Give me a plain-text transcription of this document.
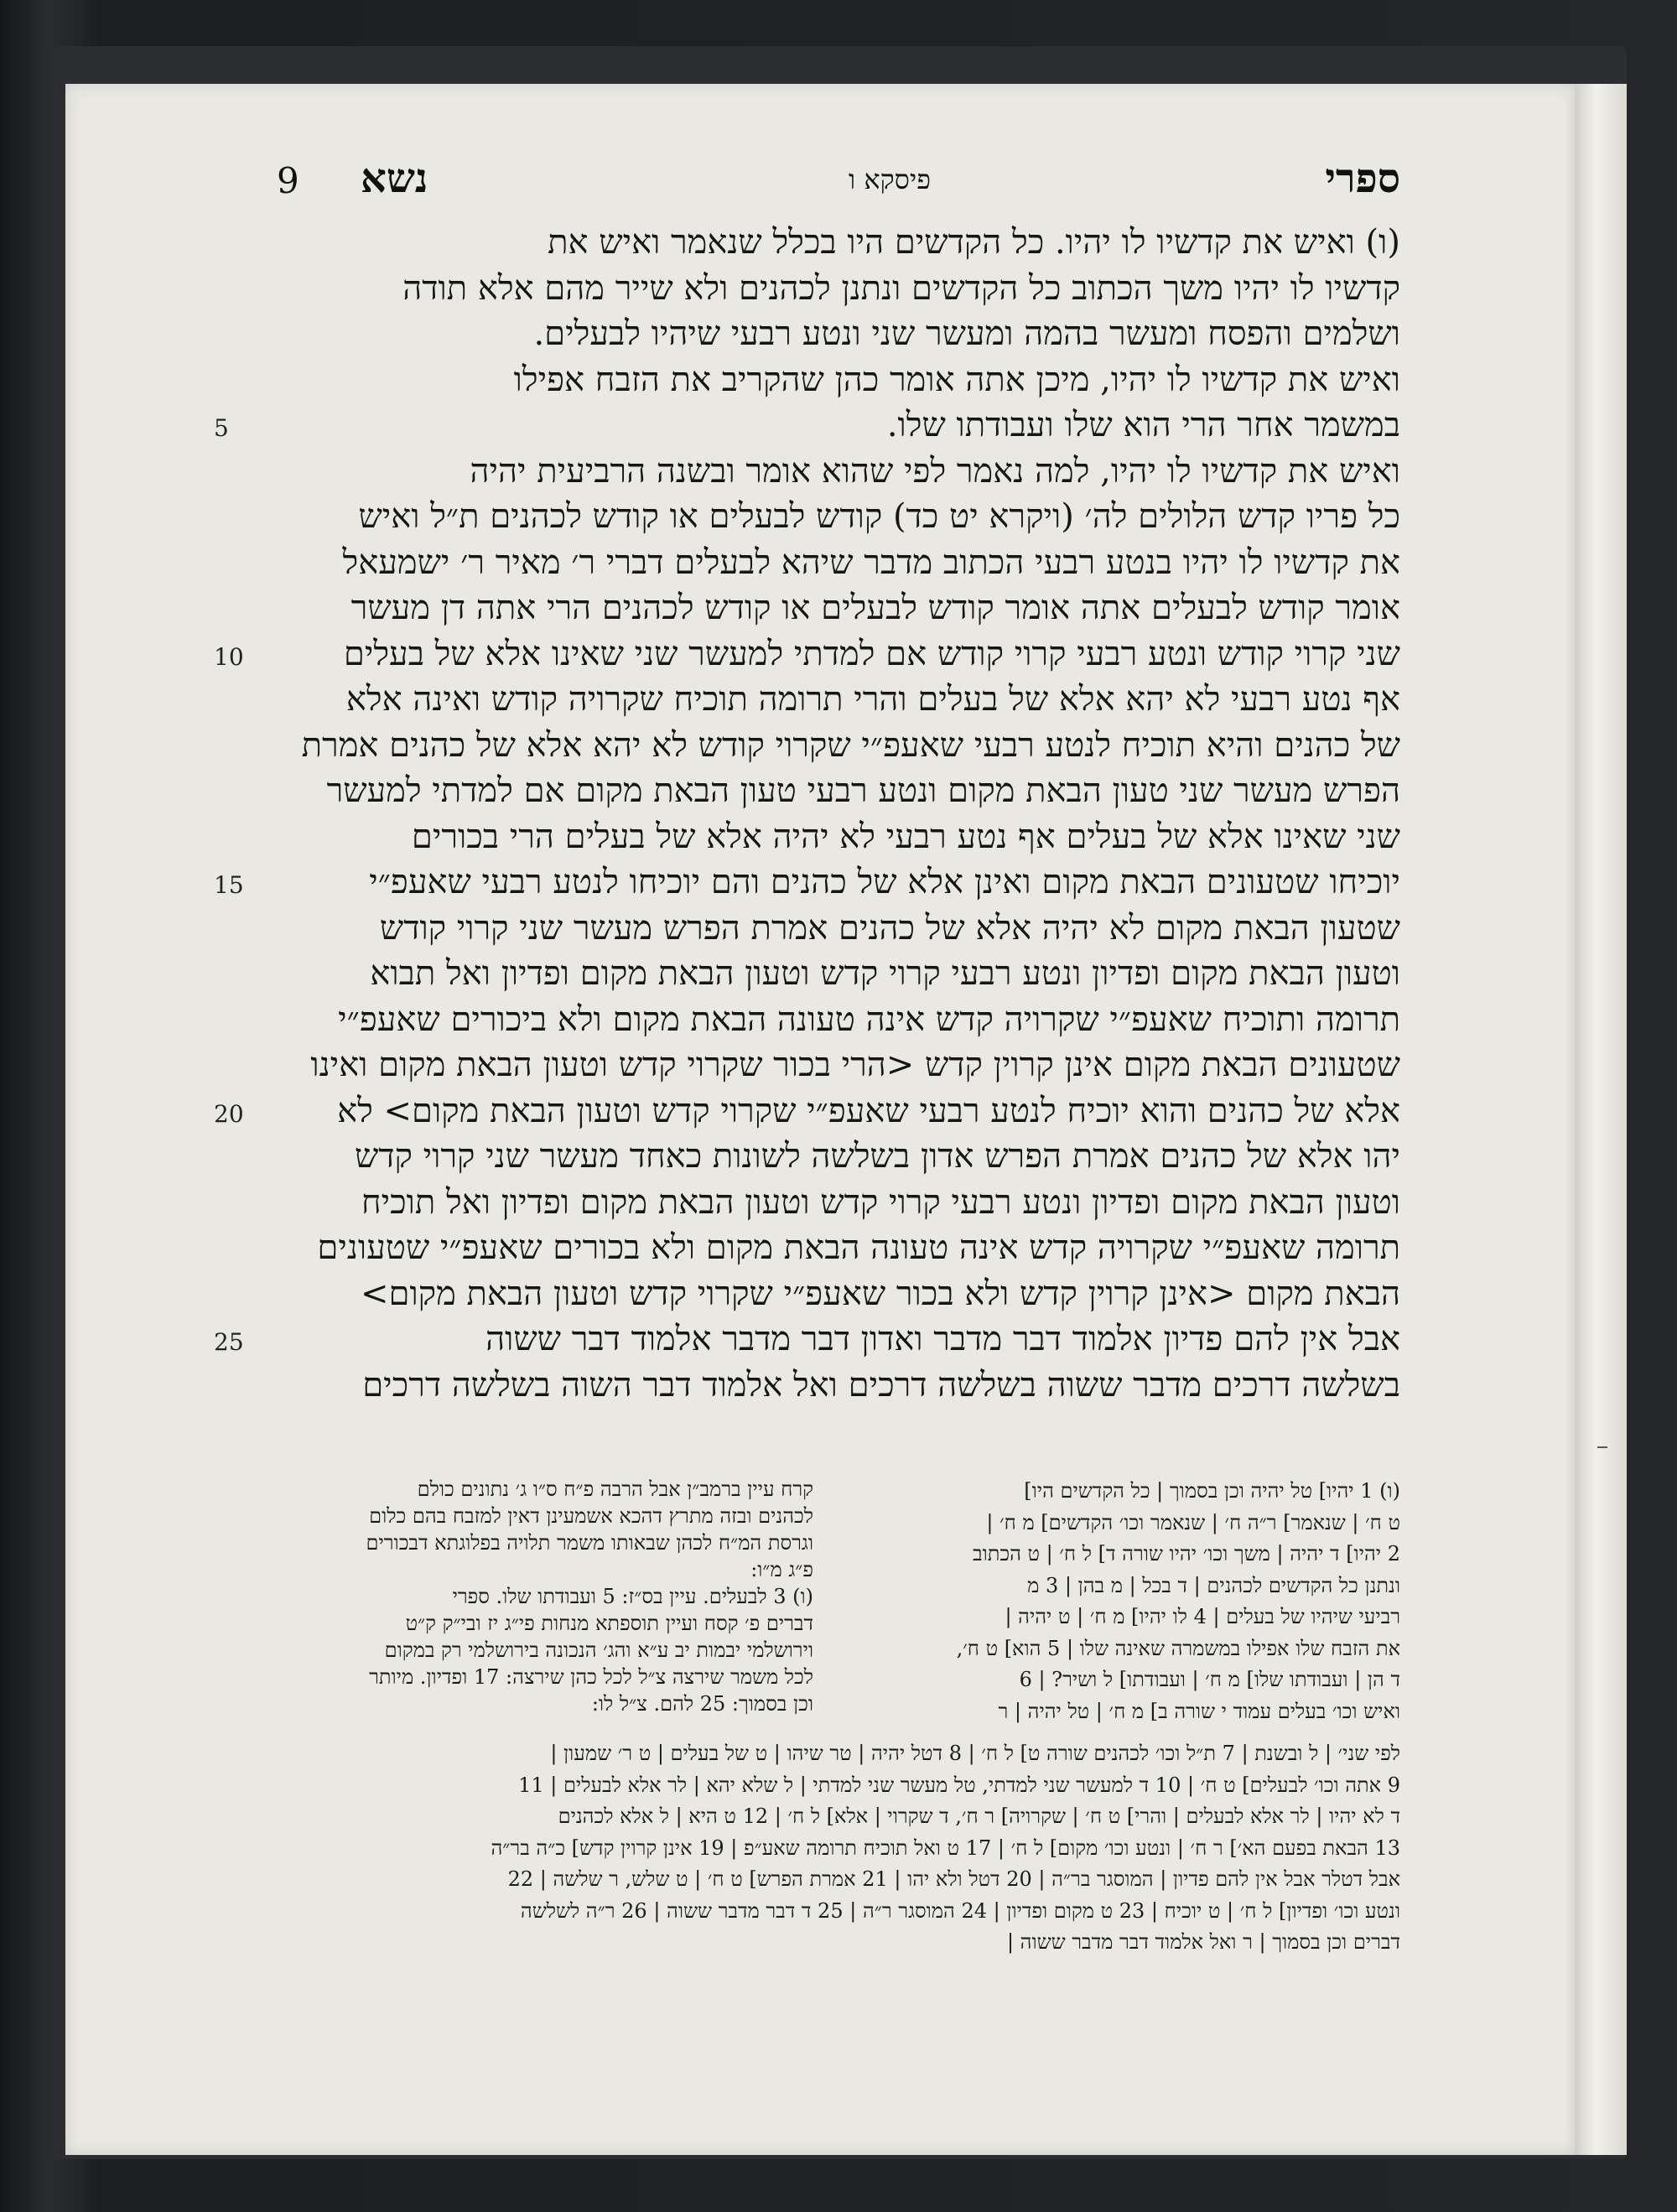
ספרי
פיסקא ו
נשא
9
(ו) ואיש את קדשיו לו יהיו. כל הקדשים היו בכלל שנאמר ואיש את
קדשיו לו יהיו משך הכתוב כל הקדשים ונתנן לכהנים ולא שייר מהם אלא תודה
ושלמים והפסח ומעשר בהמה ומעשר שני ונטע רבעי שיהיו לבעלים.
ואיש את קדשיו לו יהיו, מיכן אתה אומר כהן שהקריב את הזבח אפילו
במשמר אחר הרי הוא שלו ועבודתו שלו.
ואיש את קדשיו לו יהיו, למה נאמר לפי שהוא אומר ובשנה הרביעית יהיה
כל פריו קדש הלולים לה׳ (ויקרא יט כד) קודש לבעלים או קודש לכהנים ת״ל ואיש
את קדשיו לו יהיו בנטע רבעי הכתוב מדבר שיהא לבעלים דברי ר׳ מאיר ר׳ ישמעאל
אומר קודש לבעלים אתה אומר קודש לבעלים או קודש לכהנים הרי אתה דן מעשר
שני קרוי קודש ונטע רבעי קרוי קודש אם למדתי למעשר שני שאינו אלא של בעלים
אף נטע רבעי לא יהא אלא של בעלים והרי תרומה תוכיח שקרויה קודש ואינה אלא
של כהנים והיא תוכיח לנטע רבעי שאעפ״י שקרוי קודש לא יהא אלא של כהנים אמרת
הפרש מעשר שני טעון הבאת מקום ונטע רבעי טעון הבאת מקום אם למדתי למעשר
שני שאינו אלא של בעלים אף נטע רבעי לא יהיה אלא של בעלים הרי בכורים
יוכיחו שטעונים הבאת מקום ואינן אלא של כהנים והם יוכיחו לנטע רבעי שאעפ״י
שטעון הבאת מקום לא יהיה אלא של כהנים אמרת הפרש מעשר שני קרוי קודש
וטעון הבאת מקום ופדיון ונטע רבעי קרוי קדש וטעון הבאת מקום ופדיון ואל תבוא
תרומה ותוכיח שאעפ״י שקרויה קדש אינה טעונה הבאת מקום ולא ביכורים שאעפ״י
שטעונים הבאת מקום אינן קרוין קדש <הרי בכור שקרוי קדש וטעון הבאת מקום ואינו
אלא של כהנים והוא יוכיח לנטע רבעי שאעפ״י שקרוי קדש וטעון הבאת מקום> לא
יהו אלא של כהנים אמרת הפרש אדון בשלשה לשונות כאחד מעשר שני קרוי קדש
וטעון הבאת מקום ופדיון ונטע רבעי קרוי קדש וטעון הבאת מקום ופדיון ואל תוכיח
תרומה שאעפ״י שקרויה קדש אינה טעונה הבאת מקום ולא בכורים שאעפ״י שטעונים
הבאת מקום <אינן קרוין קדש ולא בכור שאעפ״י שקרוי קדש וטעון הבאת מקום>
אבל אין להם פדיון אלמוד דבר מדבר ואדון דבר מדבר אלמוד דבר ששוה
בשלשה דרכים מדבר ששוה בשלשה דרכים ואל אלמוד דבר השוה בשלשה דרכים
5
10
15
20
25
(ו) 1 יהיו] טל יהיה וכן בסמוך | כל הקדשים היו]
ט ח׳ | שנאמר] ר״ה ח׳ | שנאמר וכו׳ הקדשים] מ ח׳ |
2 יהיו] ד יהיה | משך וכו׳ יהיו שורה ד] ל ח׳ | ט הכתוב
ונתנן כל הקדשים לכהנים | ד בכל | מ בהן | 3 מ
רביעי שיהיו של בעלים | 4 לו יהיו] מ ח׳ | ט יהיה |
את הזבח שלו אפילו במשמרה שאינה שלו | 5 הוא] ט ח׳,
ד הן | ועבודתו שלו] מ ח׳ | ועבודתו] ל ושיר? | 6
ואיש וכו׳ בעלים עמוד י שורה ב] מ ח׳ | טל יהיה | ר
קרח עיין ברמב״ן אבל הרבה פ״ח ס״ו ג׳ נתונים כולם
לכהנים ובזה מתרץ דהכא אשמעינן דאין למזבח בהם כלום
וגרסת המ״ח לכהן שבאותו משמר תלויה בפלוגתא דבכורים
פ״ג מ״ו:
(ו) 3 לבעלים. עיין בס״ז: 5 ועבודתו שלו. ספרי
דברים פ׳ קסח ועיין תוספתא מנחות פי״ג יז ובי״ק ק״ט
וירושלמי יבמות יב ע״א והג׳ הנכונה בירושלמי רק במקום
לכל משמר שירצה צ״ל לכל כהן שירצה: 17 ופדיון. מיותר
וכן בסמוך: 25 להם. צ״ל לו:
לפי שני׳ | ל ובשנת | 7 ת״ל וכו׳ לכהנים שורה ט] ל ח׳ | 8 דטל יהיה | טר שיהו | ט של בעלים | ט ר׳ שמעון |
9 אתה וכו׳ לבעלים] ט ח׳ | 10 ד למעשר שני למדתי, טל מעשר שני למדתי | ל שלא יהא | לר אלא לבעלים | 11
ד לא יהיו | לר אלא לבעלים | והרי] ט ח׳ | שקרויה] ר ח׳, ד שקרוי | אלא] ל ח׳ | 12 ט היא | ל אלא לכהנים
13 הבאת בפעם הא׳] ר ח׳ | ונטע וכו׳ מקום] ל ח׳ | 17 ט ואל תוכיח תרומה שאע״פ | 19 אינן קרוין קדש] כ״ה בר״ה
אבל דטלר אבל אין להם פדיון | המוסגר בר״ה | 20 דטל ולא יהו | 21 אמרת הפרש] ט ח׳ | ט שלש, ר שלשה | 22
ונטע וכו׳ ופדיון] ל ח׳ | ט יוכיח | 23 ט מקום ופדיון | 24 המוסגר ר״ה | 25 ד דבר מדבר ששוה | 26 ר״ה לשלשה
דברים וכן בסמוך | ר ואל אלמוד דבר מדבר ששוה |
